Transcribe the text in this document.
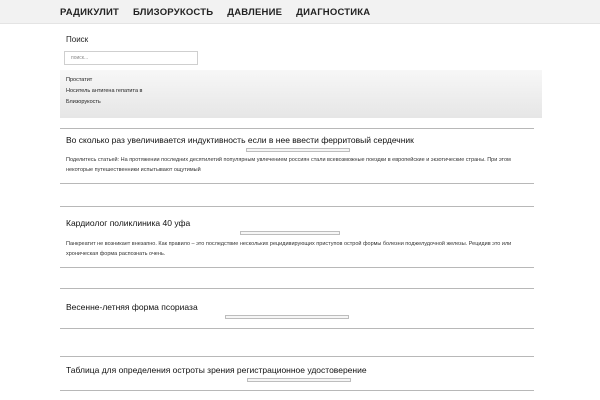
РАДИКУЛИТ БЛИЗОРУКОСТЬ ДАВЛЕНИЕ ДИАГНОСТИКА
Поиск
поиск...
Простатит
Носитель антигена гепатита в
Близорукость
Во сколько раз увеличивается индуктивность если в нее ввести ферритовый сердечник

Поделитесь статьей: На протяжении последних десятилетий популярным увлечением россиян стали всевозможные поездки в европейские и экзотические страны. При этом некоторые путешественники испытывают ощутимый

Кардиолог поликлиника 40 уфа

Панкреатит не возникает внезапно. Как правило – это последствие нескольких рецидивирующих приступов острой формы болезни поджелудочной железы. Рецидив это или хроническая форма распознать очень.

Весенне-летняя форма псориаза

Таблица для определения остроты зрения регистрационное удостоверение
